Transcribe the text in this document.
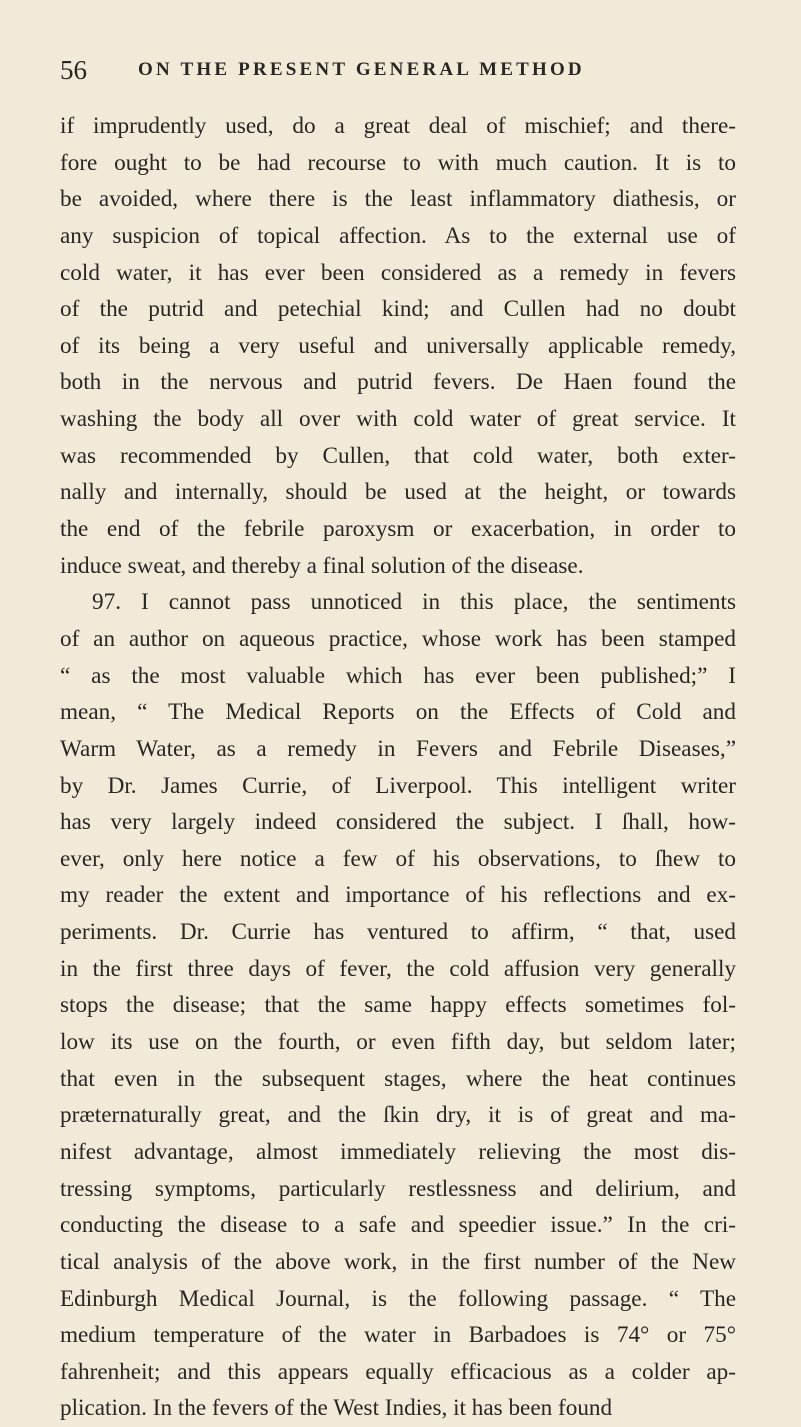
56	ON THE PRESENT GENERAL METHOD
if imprudently used, do a great deal of mischief; and there-
fore ought to be had recourse to with much caution. It is to
be avoided, where there is the least inflammatory diathesis, or
any suspicion of topical affection. As to the external use of
cold water, it has ever been considered as a remedy in fevers
of the putrid and petechial kind; and Cullen had no doubt
of its being a very useful and universally applicable remedy,
both in the nervous and putrid fevers. De Haen found the
washing the body all over with cold water of great service. It
was recommended by Cullen, that cold water, both exter-
nally and internally, should be used at the height, or towards
the end of the febrile paroxysm or exacerbation, in order to
induce sweat, and thereby a final solution of the disease.
97. I cannot pass unnoticed in this place, the sentiments
of an author on aqueous practice, whose work has been stamped
“ as the most valuable which has ever been published;” I
mean, “ The Medical Reports on the Effects of Cold and
Warm Water, as a remedy in Fevers and Febrile Diseases,”
by Dr. James Currie, of Liverpool. This intelligent writer
has very largely indeed considered the subject. I ſhall, how-
ever, only here notice a few of his observations, to ſhew to
my reader the extent and importance of his reflections and ex-
periments. Dr. Currie has ventured to affirm, “ that, used
in the first three days of fever, the cold affusion very generally
stops the disease; that the same happy effects sometimes fol-
low its use on the fourth, or even fifth day, but seldom later;
that even in the subsequent stages, where the heat continues
præternaturally great, and the ſkin dry, it is of great and ma-
nifest advantage, almost immediately relieving the most dis-
tressing symptoms, particularly restlessness and delirium, and
conducting the disease to a safe and speedier issue.” In the cri-
tical analysis of the above work, in the first number of the New
Edinburgh Medical Journal, is the following passage. “ The
medium temperature of the water in Barbadoes is 74° or 75°
fahrenheit; and this appears equally efficacious as a colder ap-
plication. In the fevers of the West Indies, it has been found
